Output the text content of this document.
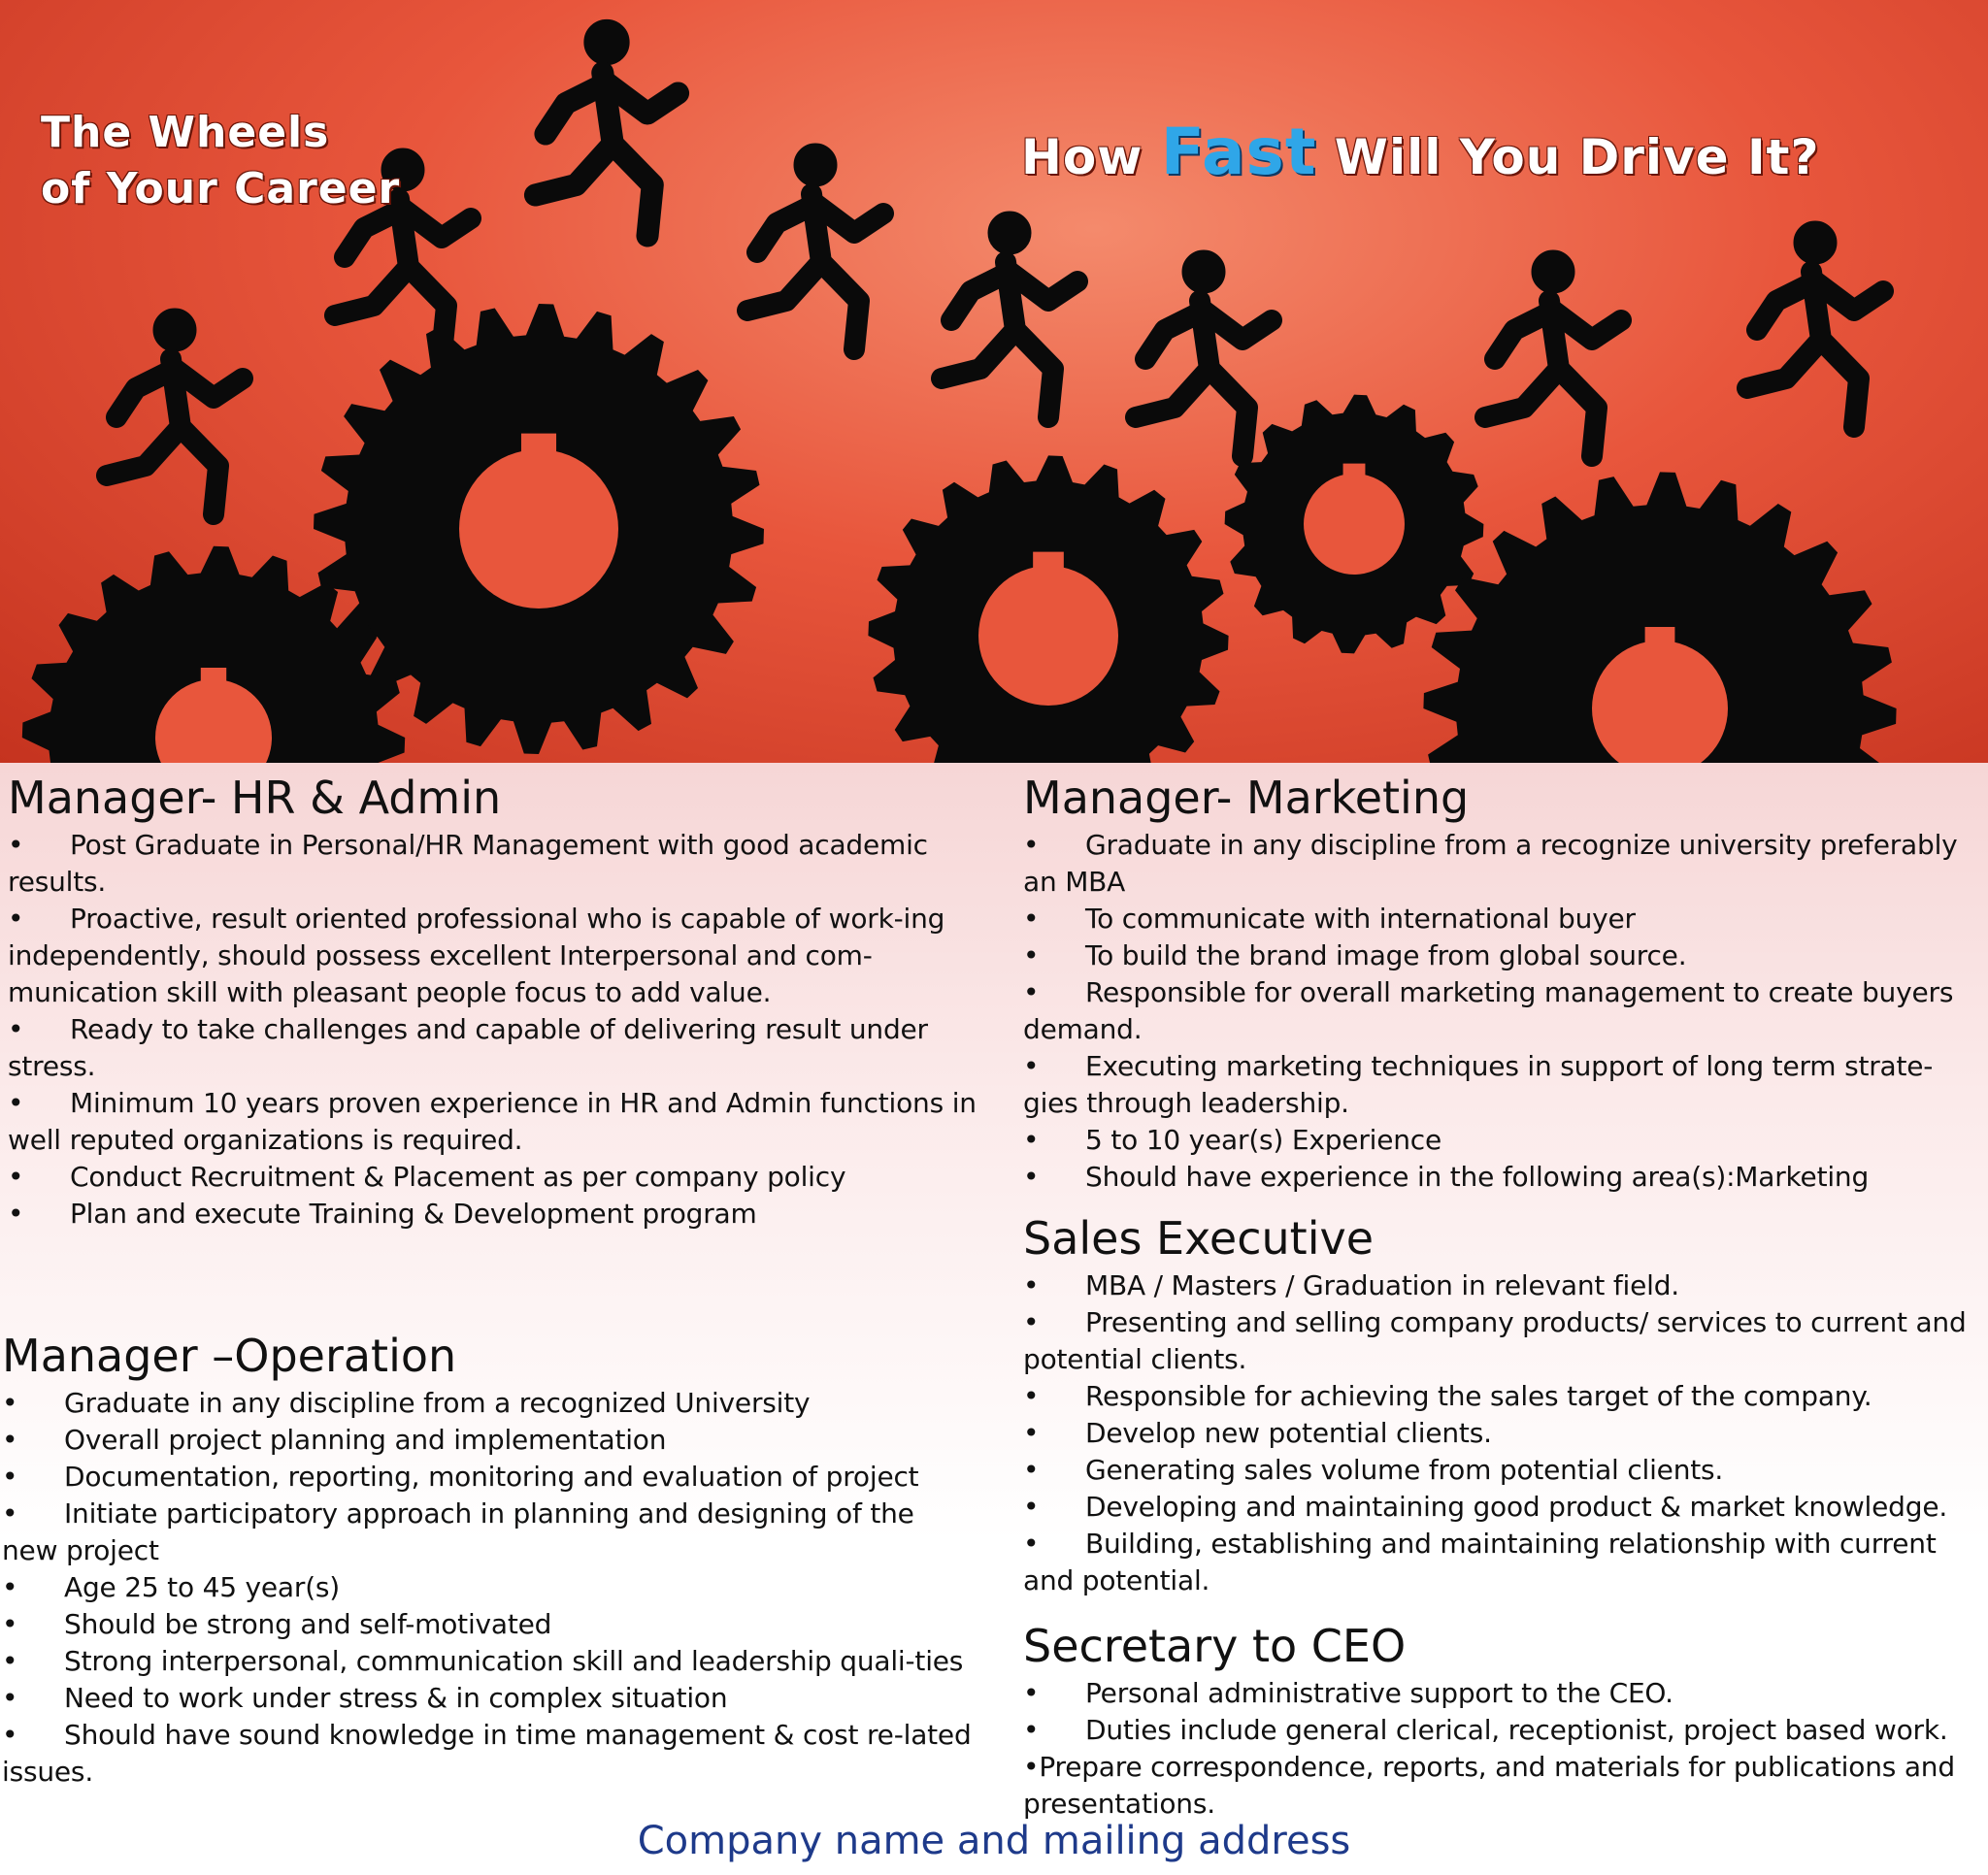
The Wheels
of Your Career
How Fast Will You Drive It?
Manager- HR & Admin
• Post Graduate in Personal/HR Management with good academic results.
• Proactive, result oriented professional who is capable of work-ing independently, should possess excellent Interpersonal and com-munication skill with pleasant people focus to add value.
• Ready to take challenges and capable of delivering result under stress.
• Minimum 10 years proven experience in HR and Admin functions in well reputed organizations is required.
• Conduct Recruitment & Placement as per company policy
• Plan and execute Training & Development program
Manager –Operation
• Graduate in any discipline from a recognized University
• Overall project planning and implementation
• Documentation, reporting, monitoring and evaluation of project
• Initiate participatory approach in planning and designing of the new project
• Age 25 to 45 year(s)
• Should be strong and self-motivated
• Strong interpersonal, communication skill and leadership quali-ties
• Need to work under stress & in complex situation
• Should have sound knowledge in time management & cost re-lated issues.
Manager- Marketing
• Graduate in any discipline from a recognize university preferably an MBA
• To communicate with international buyer
• To build the brand image from global source.
• Responsible for overall marketing management to create buyers demand.
• Executing marketing techniques in support of long term strate-gies through leadership.
• 5 to 10 year(s) Experience
• Should have experience in the following area(s):Marketing
Sales Executive
• MBA / Masters / Graduation in relevant field.
• Presenting and selling company products/ services to current and potential clients.
• Responsible for achieving the sales target of the company.
• Develop new potential clients.
• Generating sales volume from potential clients.
• Developing and maintaining good product & market knowledge.
• Building, establishing and maintaining relationship with current and potential.
Secretary to CEO
• Personal administrative support to the CEO.
• Duties include general clerical, receptionist, project based work.
•Prepare correspondence, reports, and materials for publications and presentations.
Company name and mailing address
